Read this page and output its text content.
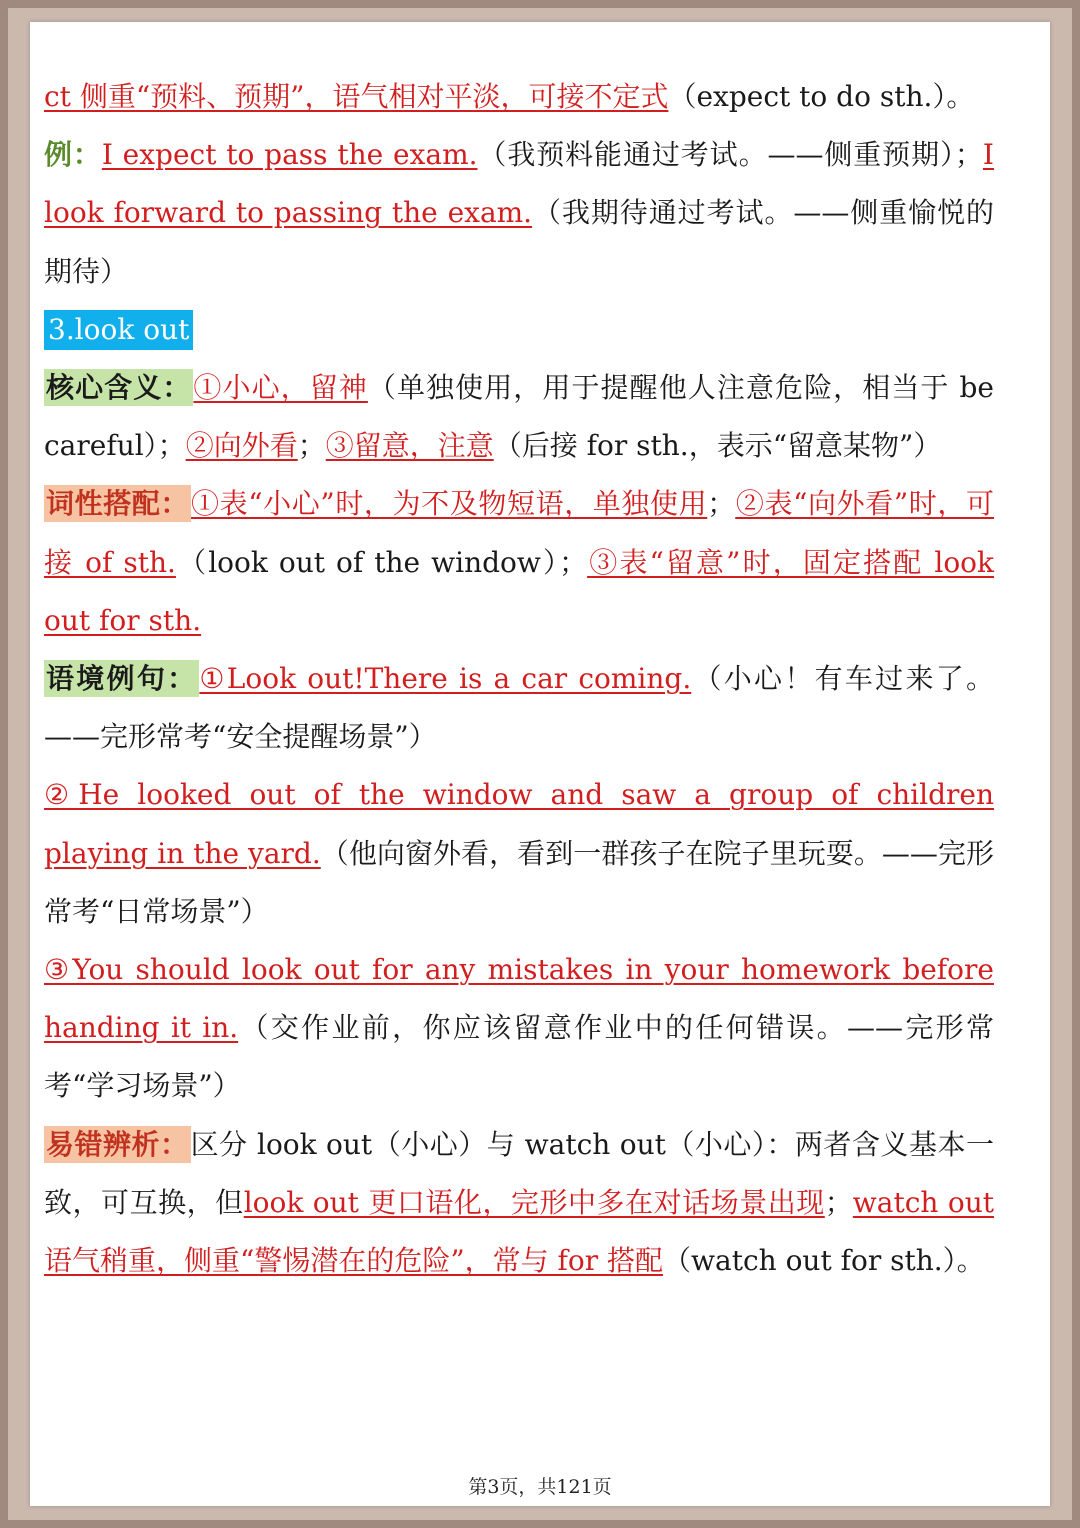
ct 侧重“预料、预期”，语气相对平淡，可接不定式（expect to do sth.）。

例：I expect to pass the exam.（我预料能通过考试。——侧重预期）；I look forward to passing the exam.（我期待通过考试。——侧重愉悦的期待）

3.look out

核心含义：①小心，留神（单独使用，用于提醒他人注意危险，相当于 be careful）；②向外看；③留意，注意（后接 for sth.，表示“留意某物”）

词性搭配：①表“小心”时，为不及物短语，单独使用；②表“向外看”时，可接 of sth.（look out of the window）；③表“留意”时，固定搭配 look out for sth.

语境例句：①Look out!There is a car coming.（小心！有车过来了。——完形常考“安全提醒场景”）

②He looked out of the window and saw a group of children playing in the yard.（他向窗外看，看到一群孩子在院子里玩耍。——完形常考“日常场景”）

③You should look out for any mistakes in your homework before handing it in.（交作业前，你应该留意作业中的任何错误。——完形常考“学习场景”）

易错辨析：区分 look out（小心）与 watch out（小心）：两者含义基本一致，可互换，但look out 更口语化，完形中多在对话场景出现；watch out 语气稍重，侧重“警惕潜在的危险”，常与 for 搭配（watch out for sth.）。

第3页，共121页
